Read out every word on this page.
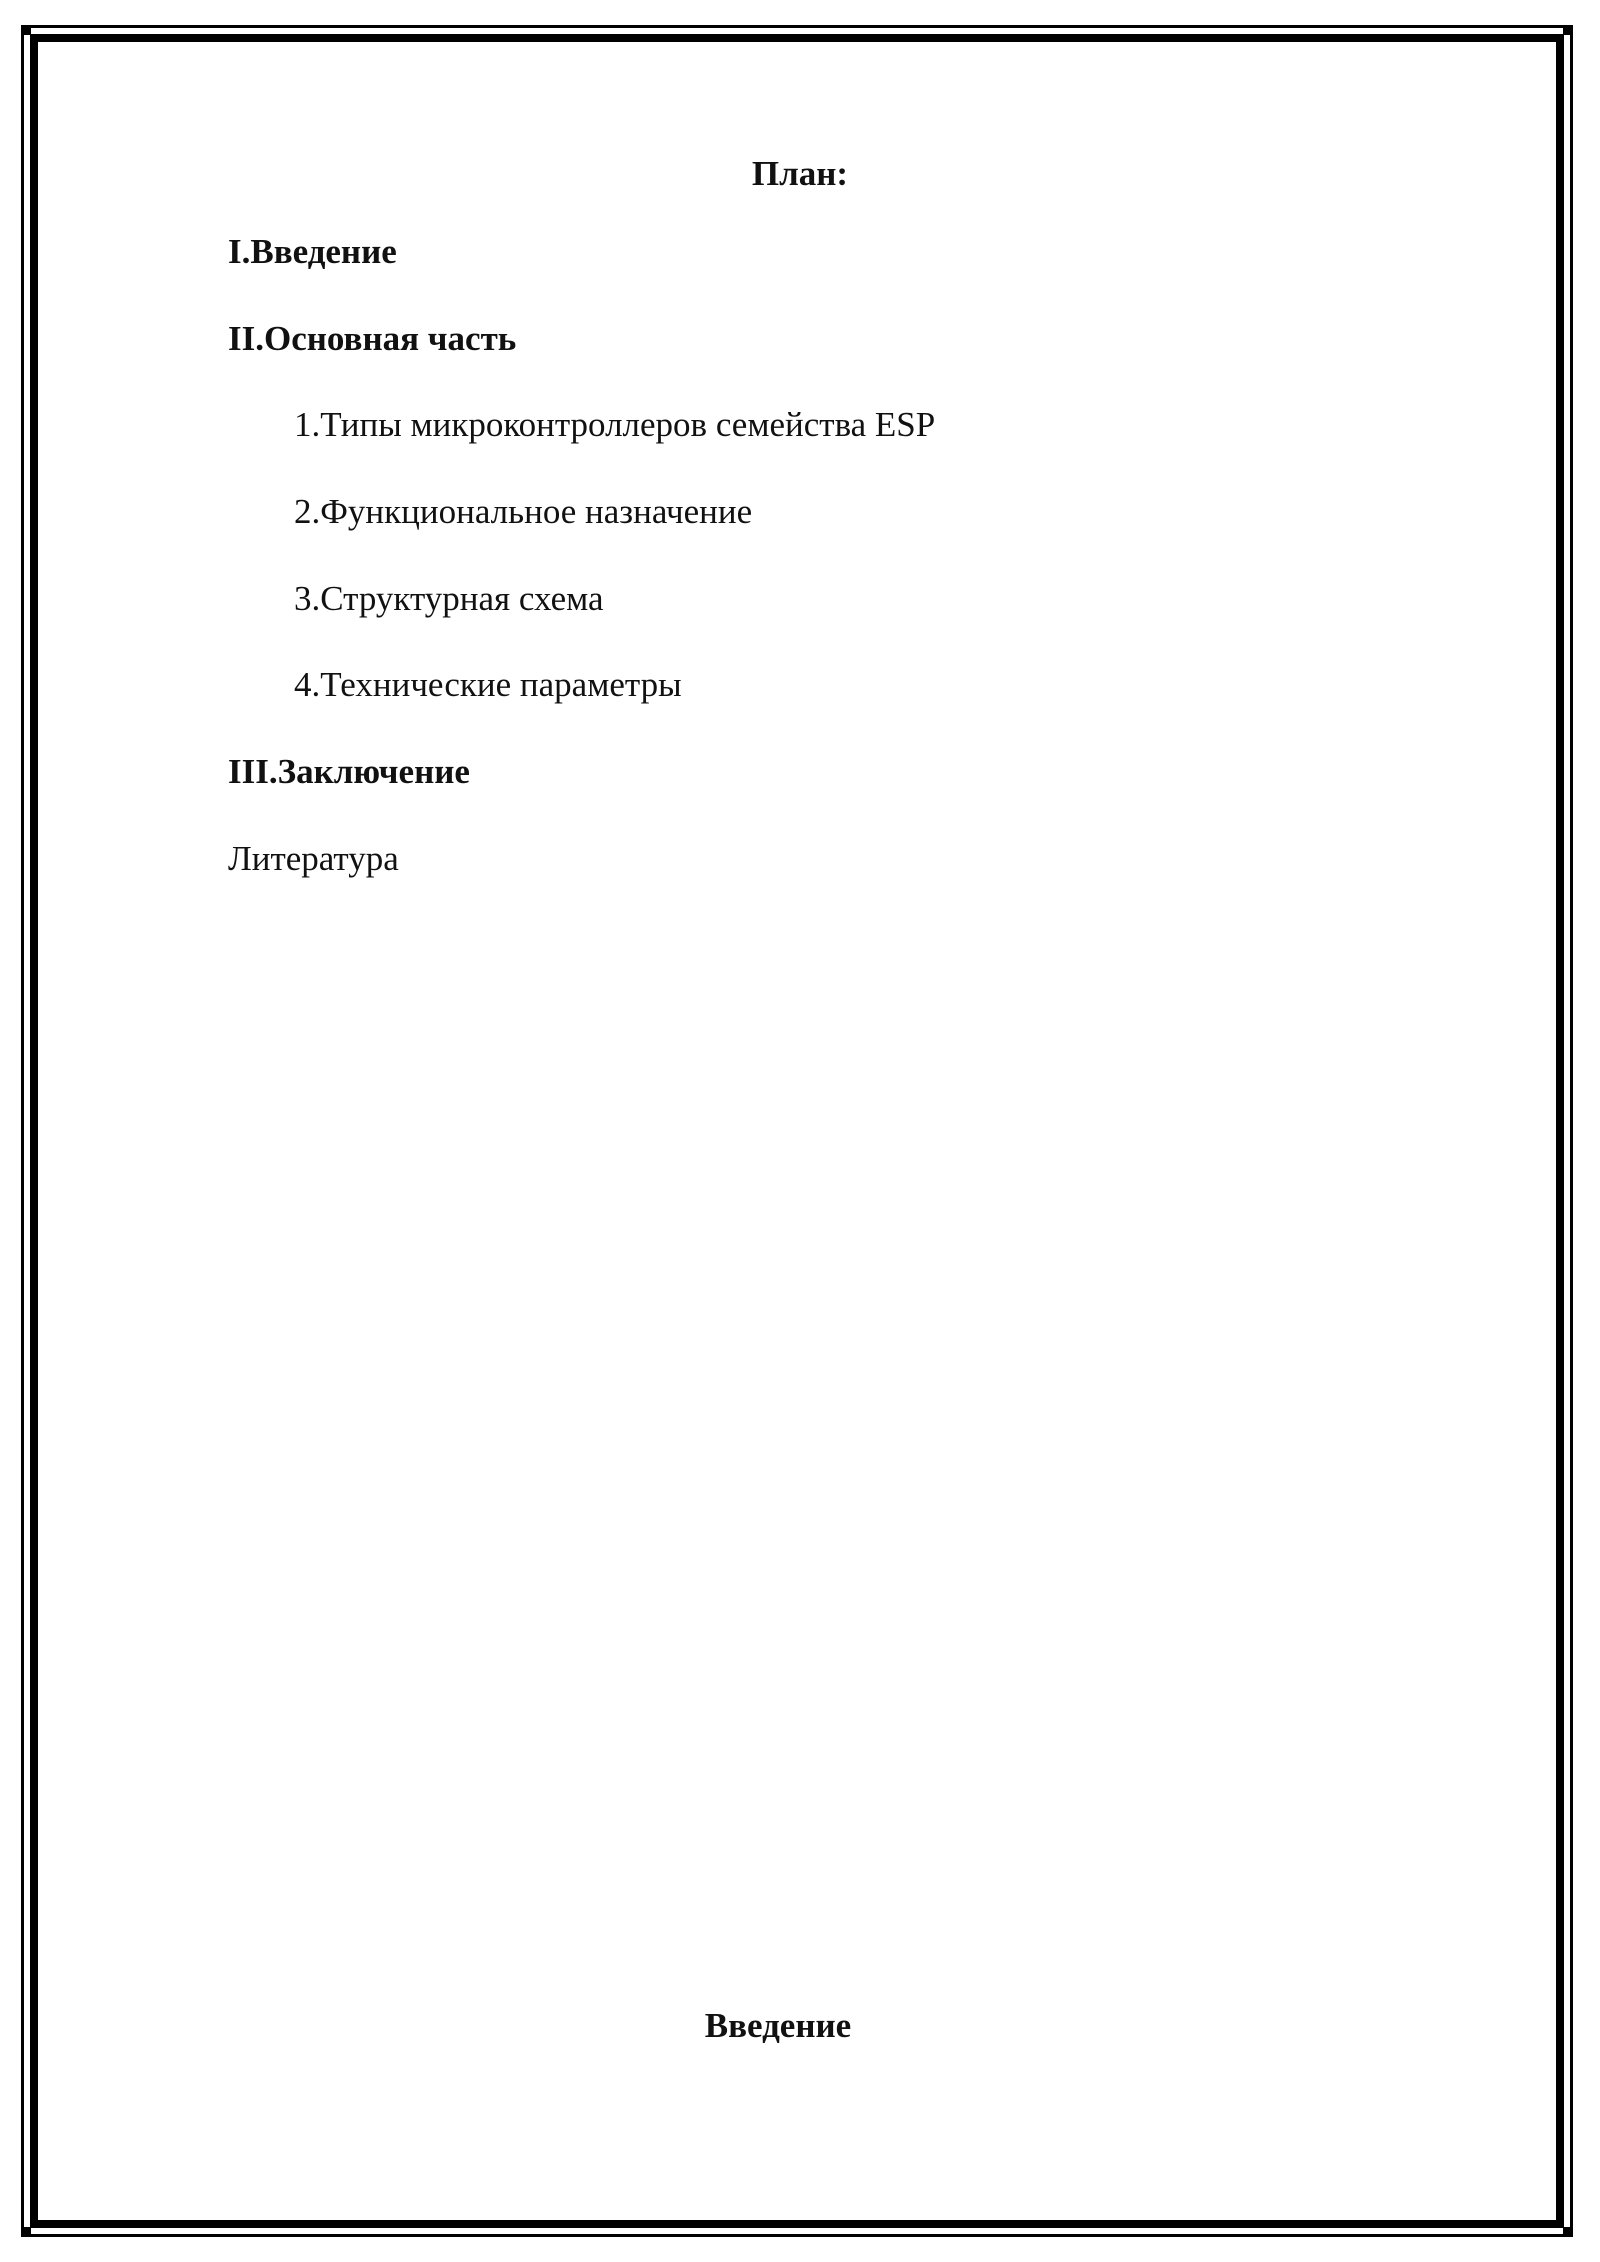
План:
I.Введение
II.Основная часть
1.Типы микроконтроллеров семейства ESP
2.Функциональное назначение
3.Структурная схема
4.Технические параметры
III.Заключение
Литература
Введение
